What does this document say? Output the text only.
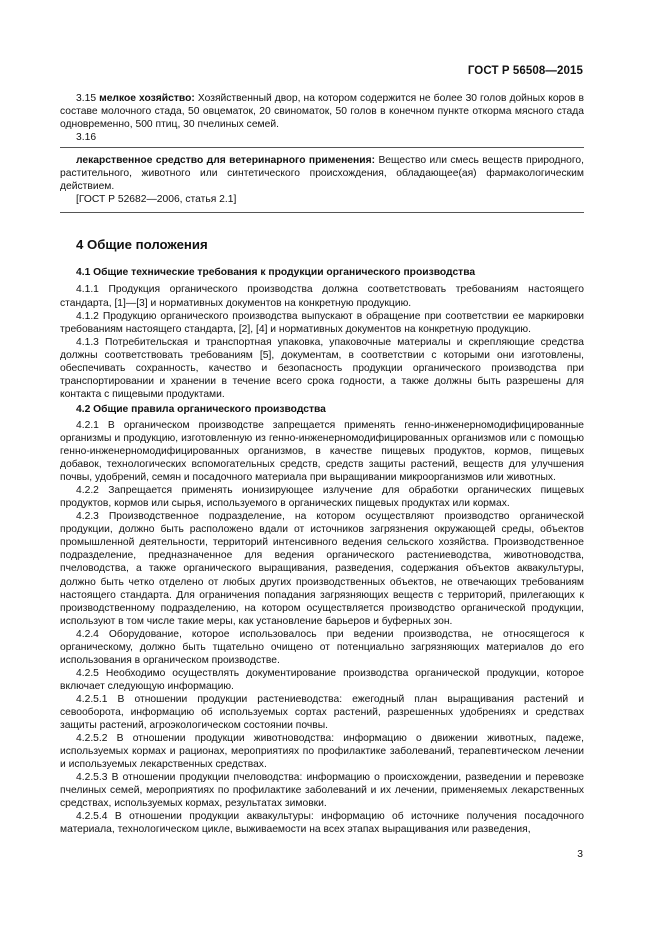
ГОСТ Р 56508—2015

3.15 мелкое хозяйство: Хозяйственный двор, на котором содержится не более 30 голов дойных коров в составе молочного стада, 50 овцематок, 20 свиноматок, 50 голов в конечном пункте откорма мясного стада одновременно, 500 птиц, 30 пчелиных семей.

3.16

лекарственное средство для ветеринарного применения: Вещество или смесь веществ природного, растительного, животного или синтетического происхождения, обладающее(ая) фармакологическим действием.

[ГОСТ Р 52682—2006, статья 2.1]

4 Общие положения
4.1 Общие технические требования к продукции органического производства

4.1.1 Продукция органического производства должна соответствовать требованиям настоящего стандарта, [1]—[3] и нормативных документов на конкретную продукцию.

4.1.2 Продукцию органического производства выпускают в обращение при соответствии ее маркировки требованиям настоящего стандарта, [2], [4] и нормативных документов на конкретную продукцию.

4.1.3 Потребительская и транспортная упаковка, упаковочные материалы и скрепляющие средства должны соответствовать требованиям [5], документам, в соответствии с которыми они изготовлены, обеспечивать сохранность, качество и безопасность продукции органического производства при транспортировании и хранении в течение всего срока годности, а также должны быть разрешены для контакта с пищевыми продуктами.

4.2 Общие правила органического производства

4.2.1 В органическом производстве запрещается применять генно-инженерномодифицированные организмы и продукцию, изготовленную из генно-инженерномодифицированных организмов или с помощью генно-инженерномодифицированных организмов, в качестве пищевых продуктов, кормов, пищевых добавок, технологических вспомогательных средств, средств защиты растений, веществ для улучшения почвы, удобрений, семян и посадочного материала при выращивании микроорганизмов или животных.

4.2.2 Запрещается применять ионизирующее излучение для обработки органических пищевых продуктов, кормов или сырья, используемого в органических пищевых продуктах или кормах.

4.2.3 Производственное подразделение, на котором осуществляют производство органической продукции, должно быть расположено вдали от источников загрязнения окружающей среды, объектов промышленной деятельности, территорий интенсивного ведения сельского хозяйства. Производственное подразделение, предназначенное для ведения органического растениеводства, животноводства, пчеловодства, а также органического выращивания, разведения, содержания объектов аквакультуры, должно быть четко отделено от любых других производственных объектов, не отвечающих требованиям настоящего стандарта. Для ограничения попадания загрязняющих веществ с территорий, прилегающих к производственному подразделению, на котором осуществляется производство органической продукции, используют в том числе такие меры, как установление барьеров и буферных зон.

4.2.4 Оборудование, которое использовалось при ведении производства, не относящегося к органическому, должно быть тщательно очищено от потенциально загрязняющих материалов до его использования в органическом производстве.

4.2.5 Необходимо осуществлять документирование производства органической продукции, которое включает следующую информацию.

4.2.5.1 В отношении продукции растениеводства: ежегодный план выращивания растений и севооборота, информацию об используемых сортах растений, разрешенных удобрениях и средствах защиты растений, агроэкологическом состоянии почвы.

4.2.5.2 В отношении продукции животноводства: информацию о движении животных, падеже, используемых кормах и рационах, мероприятиях по профилактике заболеваний, терапевтическом лечении и используемых лекарственных средствах.

4.2.5.3 В отношении продукции пчеловодства: информацию о происхождении, разведении и перевозке пчелиных семей, мероприятиях по профилактике заболеваний и их лечении, применяемых лекарственных средствах, используемых кормах, результатах зимовки.

4.2.5.4 В отношении продукции аквакультуры: информацию об источнике получения посадочного материала, технологическом цикле, выживаемости на всех этапах выращивания или разведения,

3
